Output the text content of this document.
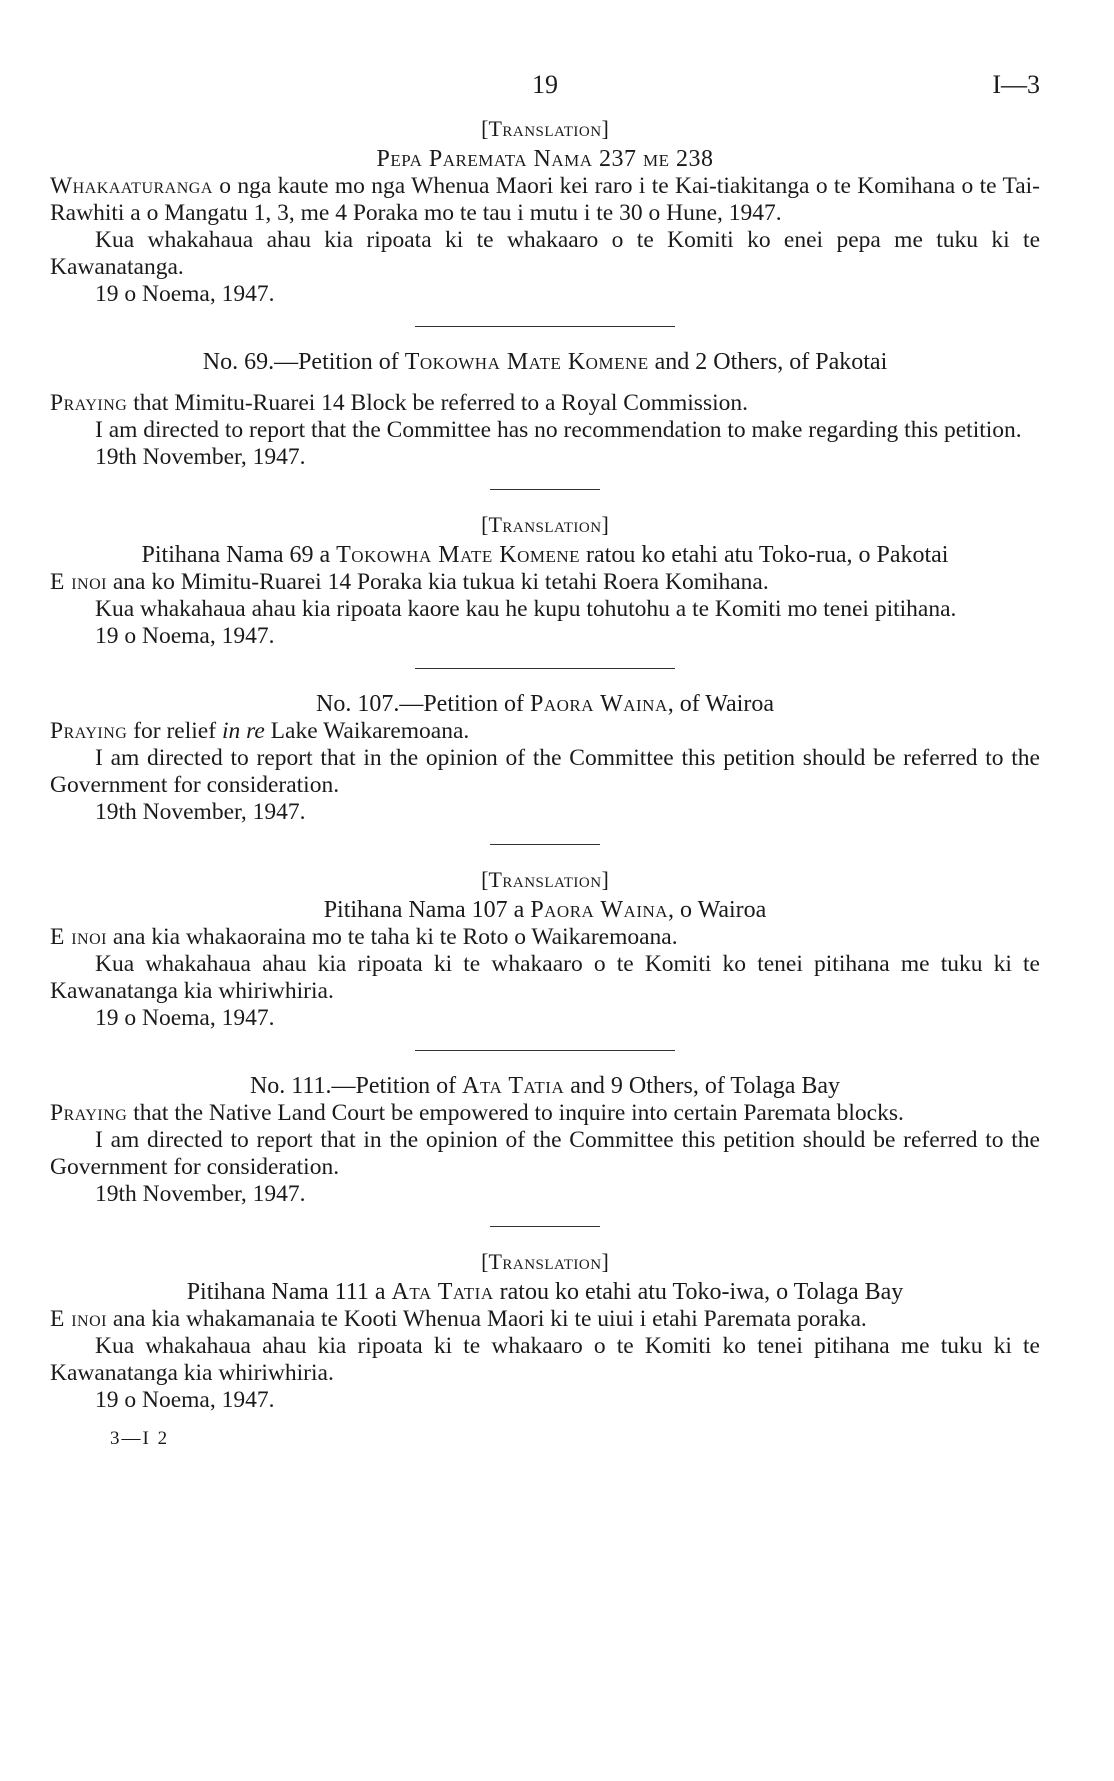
19	I—3
[Translation]
Pepa Paremata Nama 237 me 238

Whakaaturanga o nga kaute mo nga Whenua Maori kei raro i te Kai-tiakitanga o te Komihana o te Tai-Rawhiti a o Mangatu 1, 3, me 4 Poraka mo te tau i mutu i te 30 o Hune, 1947.

Kua whakahaua ahau kia ripoata ki te whakaaro o te Komiti ko enei pepa me tuku ki te Kawanatanga.

19 o Noema, 1947.
No. 69.—Petition of Tokowha Mate Komene and 2 Others, of Pakotai

Praying that Mimitu-Ruarei 14 Block be referred to a Royal Commission.

I am directed to report that the Committee has no recommendation to make regarding this petition.

19th November, 1947.
[Translation]
Pitihana Nama 69 a Tokowha Mate Komene ratou ko etahi atu Toko-rua, o Pakotai

E inoi ana ko Mimitu-Ruarei 14 Poraka kia tukua ki tetahi Roera Komihana.

Kua whakahaua ahau kia ripoata kaore kau he kupu tohutohu a te Komiti mo tenei pitihana.

19 o Noema, 1947.
No. 107.—Petition of Paora Waina, of Wairoa

Praying for relief in re Lake Waikaremoana.

I am directed to report that in the opinion of the Committee this petition should be referred to the Government for consideration.

19th November, 1947.
[Translation]
Pitihana Nama 107 a Paora Waina, o Wairoa

E inoi ana kia whakaoraina mo te taha ki te Roto o Waikaremoana.

Kua whakahaua ahau kia ripoata ki te whakaaro o te Komiti ko tenei pitihana me tuku ki te Kawanatanga kia whiriwhiria.

19 o Noema, 1947.
No. 111.—Petition of Ata Tatia and 9 Others, of Tolaga Bay

Praying that the Native Land Court be empowered to inquire into certain Paremata blocks.

I am directed to report that in the opinion of the Committee this petition should be referred to the Government for consideration.

19th November, 1947.
[Translation]
Pitihana Nama 111 a Ata Tatia ratou ko etahi atu Toko-iwa, o Tolaga Bay

E inoi ana kia whakamanaia te Kooti Whenua Maori ki te uiui i etahi Paremata poraka.

Kua whakahaua ahau kia ripoata ki te whakaaro o te Komiti ko tenei pitihana me tuku ki te Kawanatanga kia whiriwhiria.

19 o Noema, 1947.
3—I 2
